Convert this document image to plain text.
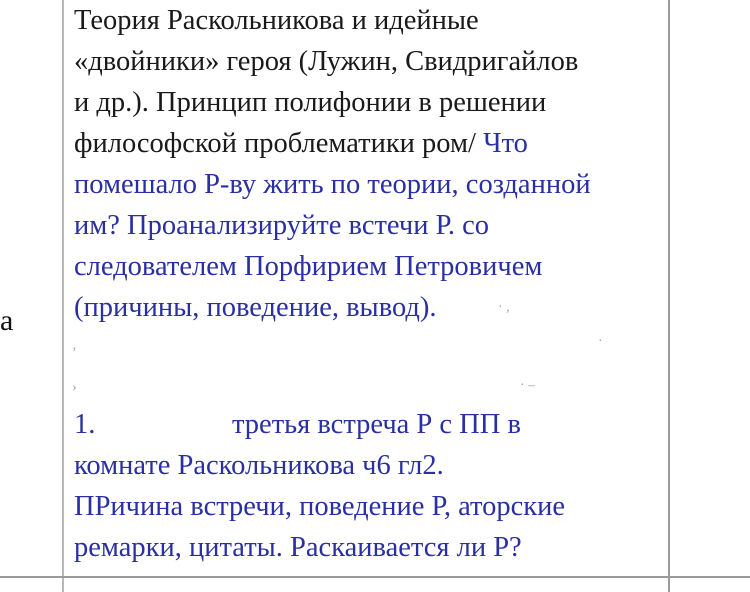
а
Теория Раскольникова и идейные
«двойники» героя (Лужин, Свидригайлов
и др.). Принцип полифонии в решении
философской проблематики ром/ Что
помешало Р-ву жить по теории, созданной
им? Проанализируйте встечи Р. со
следователем Порфирием Петровичем
(причины, поведение, вывод).	· ,
‚	·
›	· ‒
1.	третья встреча Р с ПП в
комнате Раскольникова ч6 гл2.
ПРичина встречи, поведение Р, аторские
ремарки, цитаты. Раскаивается ли Р?
